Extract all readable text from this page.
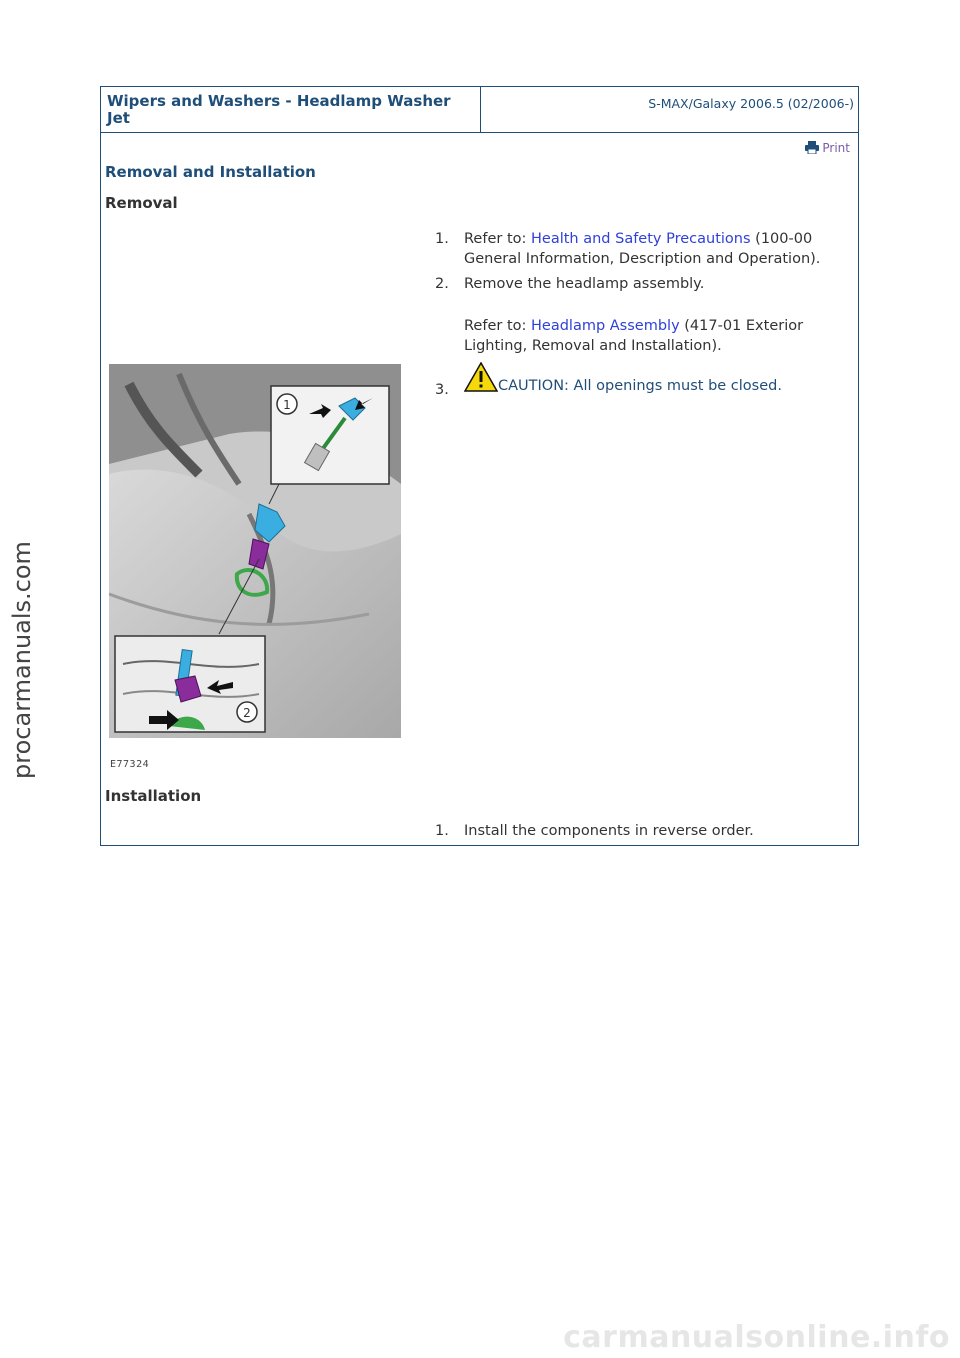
procarmanuals.com
Wipers and Washers - Headlamp Washer Jet
S-MAX/Galaxy 2006.5 (02/2006-)
Print
Removal and Installation
Removal
1. Refer to: Health and Safety Precautions (100-00 General Information, Description and Operation).
2. Remove the headlamp assembly.
Refer to: Headlamp Assembly (417-01 Exterior Lighting, Removal and Installation).
3.	CAUTION: All openings must be closed.
1
2
E77324
Installation
1. Install the components in reverse order.
carmanualsonline.info
